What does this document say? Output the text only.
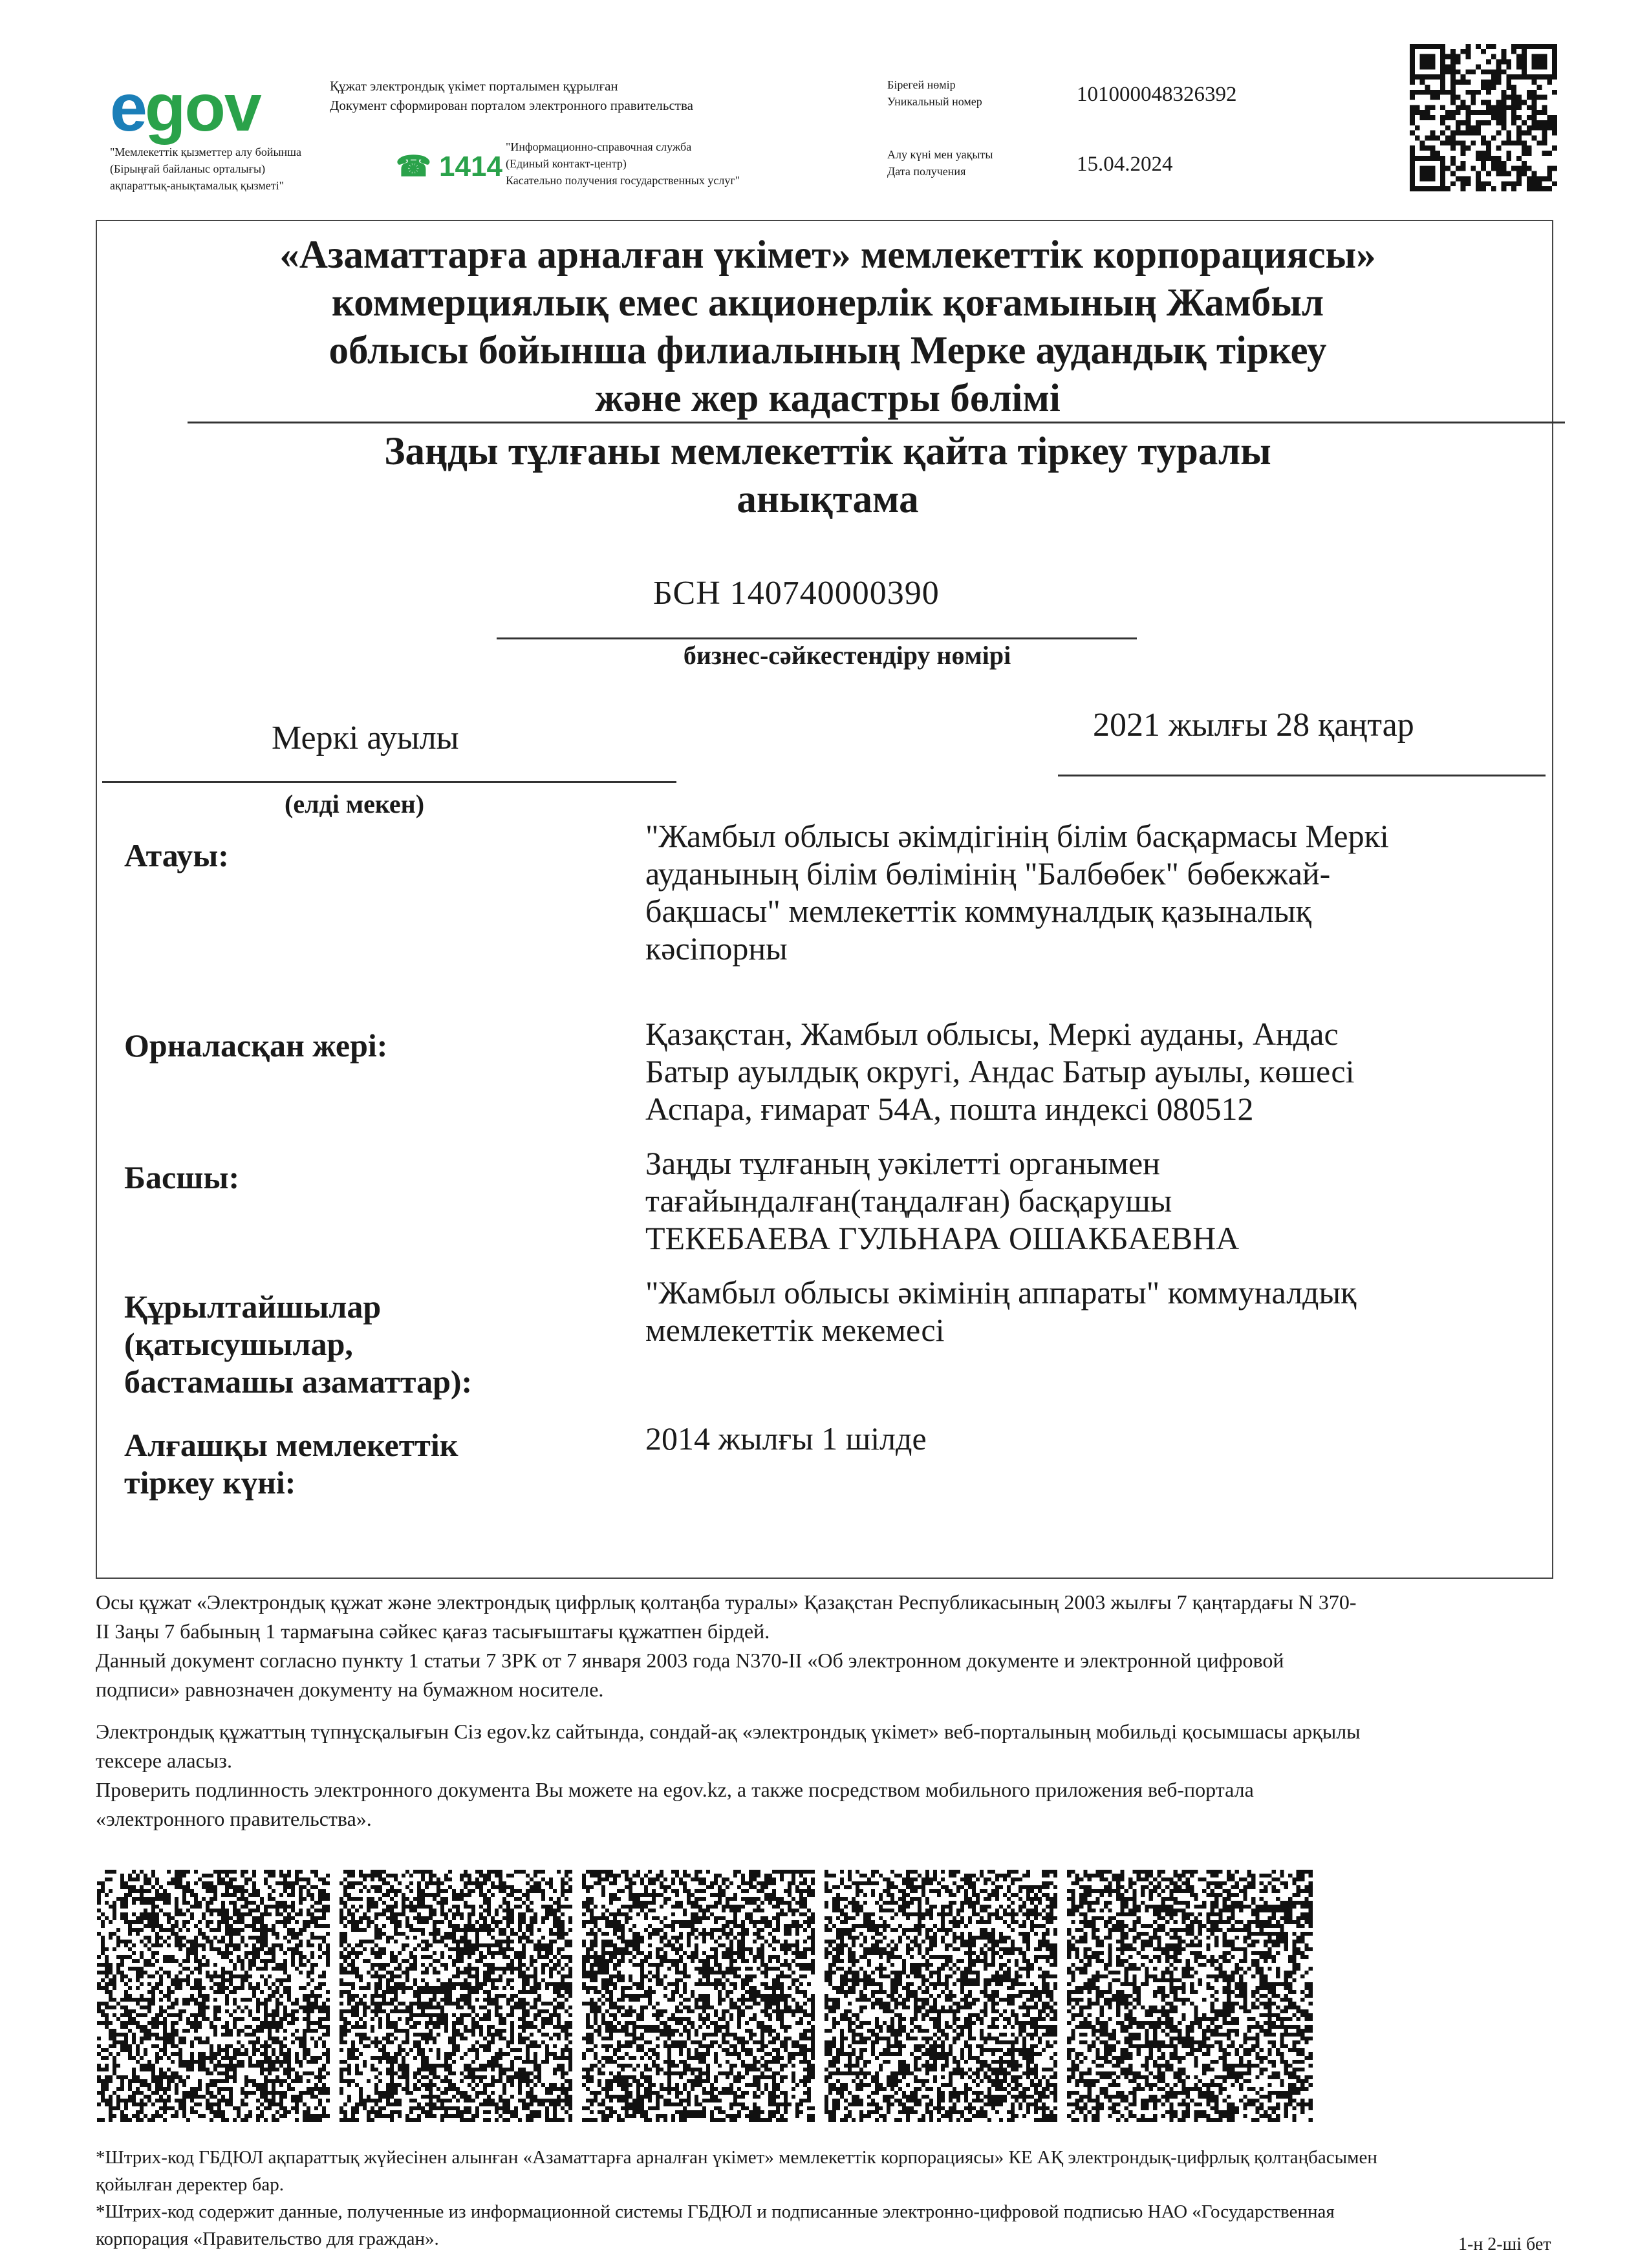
egov	Құжат электрондық үкімет порталымен құрылған
Документ сформирован порталом электронного правительства
"Мемлекеттік қызметтер алу бойынша
(Бірыңғай байланыс орталығы)
ақпараттық-анықтамалық қызметі"
☎ 1414
"Информационно-справочная служба
(Единый контакт-центр)
Касательно получения государственных услуг"
Бірегей нөмір
Уникальный номер	101000048326392
Алу күні мен уақыты
Дата получения	15.04.2024
«Азаматтарға арналған үкімет» мемлекеттік корпорациясы»
коммерциялық емес акционерлік қоғамының Жамбыл
облысы бойынша филиалының Мерке аудандық тіркеу
және жер кадастры бөлімі
Заңды тұлғаны мемлекеттік қайта тіркеу туралы
анықтама
БСН 140740000390
бизнес-сәйкестендіру нөмірі
Меркі ауылы
(елді мекен)
2021 жылғы 28 қаңтар
Атауы:
"Жамбыл облысы әкімдігінің білім басқармасы Меркі
ауданының білім бөлімінің "Балбөбек" бөбекжай-
бақшасы" мемлекеттік коммуналдық қазыналық
кәсіпорны
Орналасқан жері:	Қазақстан, Жамбыл облысы, Меркі ауданы, Андас
Батыр ауылдық округі, Андас Батыр ауылы, көшесі
Аспара, ғимарат 54А, пошта индексі 080512
Басшы:	Заңды тұлғаның уәкілетті органымен
тағайындалған(таңдалған) басқарушы
ТЕКЕБАЕВА ГУЛЬНАРА ОШАКБАЕВНА
Құрылтайшылар
(қатысушылар,
бастамашы азаматтар):
"Жамбыл облысы әкімінің аппараты" коммуналдық
мемлекеттік мекемесі
Алғашқы мемлекеттік
тіркеу күні:
2014 жылғы 1 шілде
Осы құжат «Электрондық құжат және электрондық цифрлық қолтаңба туралы» Қазақстан Республикасының 2003 жылғы 7 қаңтардағы N 370-
II Заңы 7 бабының 1 тармағына сәйкес қағаз тасығыштағы құжатпен бірдей.
Данный документ согласно пункту 1 статьи 7 ЗРК от 7 января 2003 года N370-II «Об электронном документе и электронной цифровой
подписи» равнозначен документу на бумажном носителе.
Электрондық құжаттың түпнұсқалығын Сіз egov.kz сайтында, сондай-ақ «электрондық үкімет» веб-порталының мобильді қосымшасы арқылы
тексере аласыз.
Проверить подлинность электронного документа Вы можете на egov.kz, а также посредством мобильного приложения веб-портала
«электронного правительства».
*Штрих-код ГБДЮЛ ақпараттық жүйесінен алынған «Азаматтарға арналған үкімет» мемлекеттік корпорациясы» КЕ АҚ электрондық-цифрлық қолтаңбасымен
қойылған деректер бар.
*Штрих-код содержит данные, полученные из информационной системы ГБДЮЛ и подписанные электронно-цифровой подписью НАО «Государственная
корпорация «Правительство для граждан».	1-н 2-ші бет
